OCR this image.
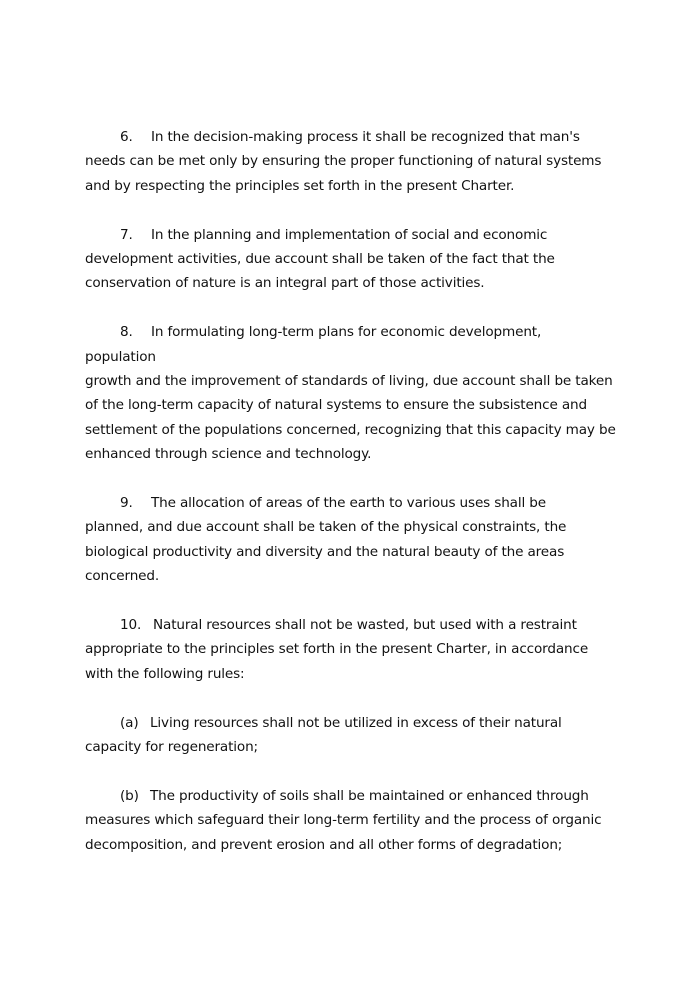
6. In the decision-making process it shall be recognized that man's
needs can be met only by ensuring the proper functioning of natural systems
and by respecting the principles set forth in the present Charter.

7. In the planning and implementation of social and economic
development activities, due account shall be taken of the fact that the
conservation of nature is an integral part of those activities.

8. In formulating long-term plans for economic development,
population
growth and the improvement of standards of living, due account shall be taken
of the long-term capacity of natural systems to ensure the subsistence and
settlement of the populations concerned, recognizing that this capacity may be
enhanced through science and technology.

9. The allocation of areas of the earth to various uses shall be
planned, and due account shall be taken of the physical constraints, the
biological productivity and diversity and the natural beauty of the areas
concerned.

10. Natural resources shall not be wasted, but used with a restraint
appropriate to the principles set forth in the present Charter, in accordance
with the following rules:

(a) Living resources shall not be utilized in excess of their natural
capacity for regeneration;

(b) The productivity of soils shall be maintained or enhanced through
measures which safeguard their long-term fertility and the process of organic
decomposition, and prevent erosion and all other forms of degradation;
